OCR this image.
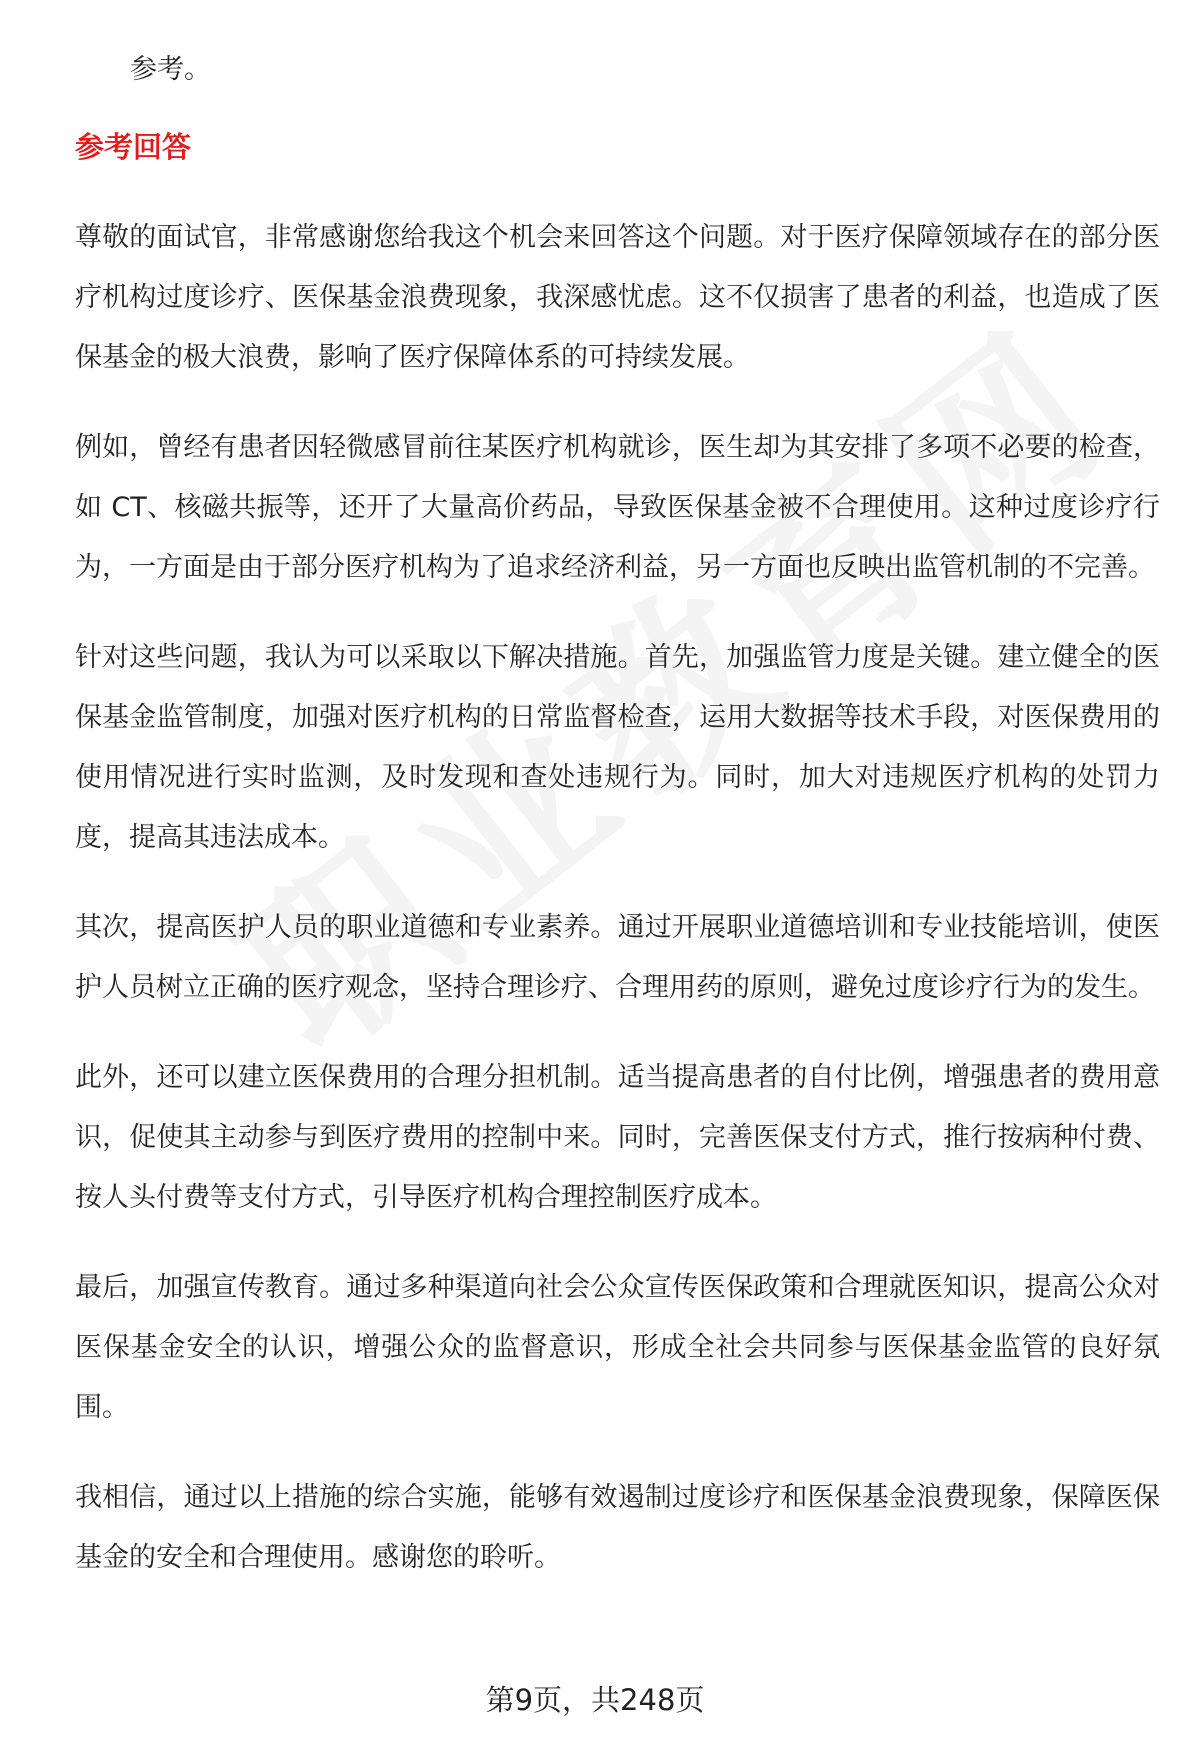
参考。

参考回答

尊敬的面试官，非常感谢您给我这个机会来回答这个问题。对于医疗保障领域存在的部分医疗机构过度诊疗、医保基金浪费现象，我深感忧虑。这不仅损害了患者的利益，也造成了医保基金的极大浪费，影响了医疗保障体系的可持续发展。

例如，曾经有患者因轻微感冒前往某医疗机构就诊，医生却为其安排了多项不必要的检查，如 CT、核磁共振等，还开了大量高价药品，导致医保基金被不合理使用。这种过度诊疗行为，一方面是由于部分医疗机构为了追求经济利益，另一方面也反映出监管机制的不完善。

针对这些问题，我认为可以采取以下解决措施。首先，加强监管力度是关键。建立健全的医保基金监管制度，加强对医疗机构的日常监督检查，运用大数据等技术手段，对医保费用的使用情况进行实时监测，及时发现和查处违规行为。同时，加大对违规医疗机构的处罚力度，提高其违法成本。

其次，提高医护人员的职业道德和专业素养。通过开展职业道德培训和专业技能培训，使医护人员树立正确的医疗观念，坚持合理诊疗、合理用药的原则，避免过度诊疗行为的发生。

此外，还可以建立医保费用的合理分担机制。适当提高患者的自付比例，增强患者的费用意识，促使其主动参与到医疗费用的控制中来。同时，完善医保支付方式，推行按病种付费、按人头付费等支付方式，引导医疗机构合理控制医疗成本。

最后，加强宣传教育。通过多种渠道向社会公众宣传医保政策和合理就医知识，提高公众对医保基金安全的认识，增强公众的监督意识，形成全社会共同参与医保基金监管的良好氛围。

我相信，通过以上措施的综合实施，能够有效遏制过度诊疗和医保基金浪费现象，保障医保基金的安全和合理使用。感谢您的聆听。

第9页，共248页
